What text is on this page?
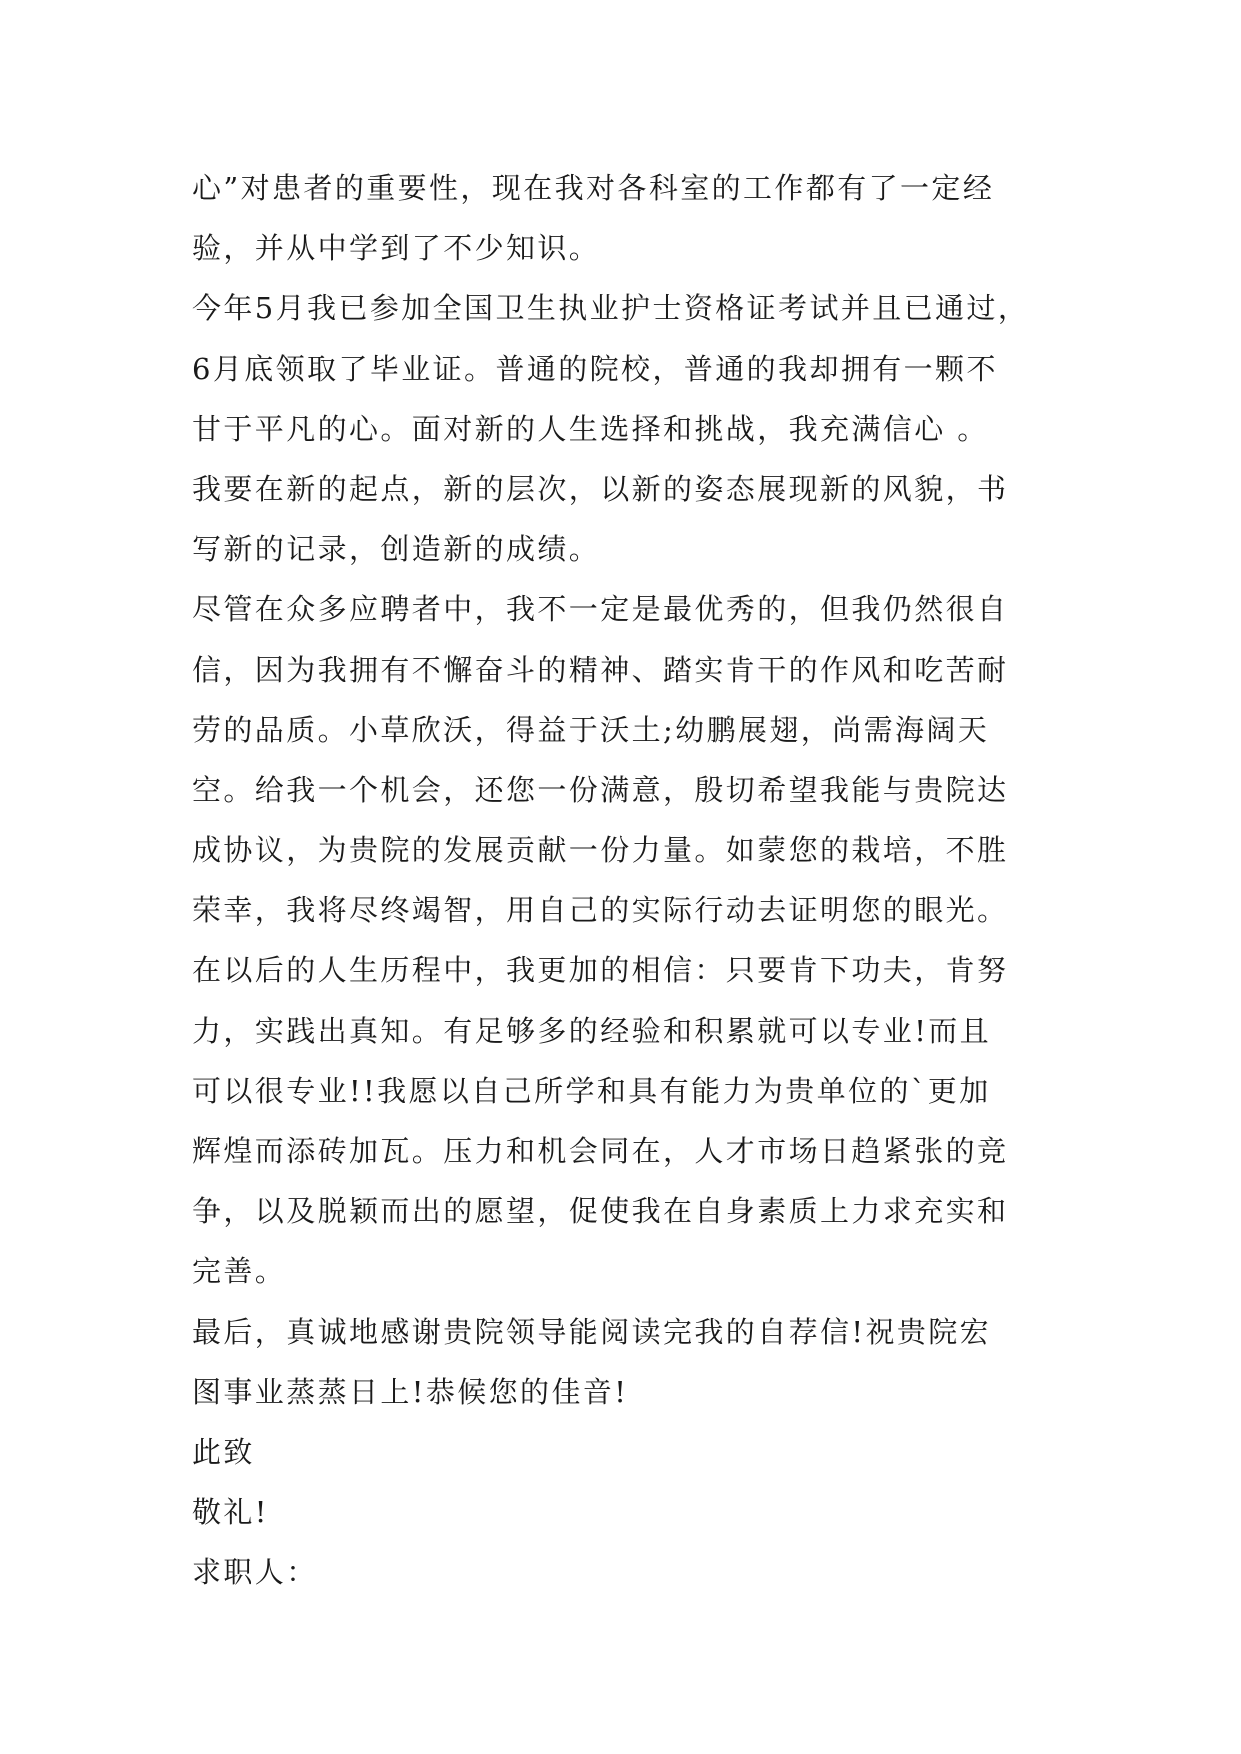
心”对患者的重要性，现在我对各科室的工作都有了一定经
验，并从中学到了不少知识。
今年5月我已参加全国卫生执业护士资格证考试并且已通过，
6月底领取了毕业证。普通的院校，普通的我却拥有一颗不
甘于平凡的心。面对新的人生选择和挑战，我充满信心 。
我要在新的起点，新的层次，以新的姿态展现新的风貌，书
写新的记录，创造新的成绩。
尽管在众多应聘者中，我不一定是最优秀的，但我仍然很自
信，因为我拥有不懈奋斗的精神、踏实肯干的作风和吃苦耐
劳的品质。小草欣沃，得益于沃土;幼鹏展翅，尚需海阔天
空。给我一个机会，还您一份满意，殷切希望我能与贵院达
成协议，为贵院的发展贡献一份力量。如蒙您的栽培，不胜
荣幸，我将尽终竭智，用自己的实际行动去证明您的眼光。
在以后的人生历程中，我更加的相信：只要肯下功夫，肯努
力，实践出真知。有足够多的经验和积累就可以专业!而且
可以很专业!!我愿以自己所学和具有能力为贵单位的`更加
辉煌而添砖加瓦。压力和机会同在，人才市场日趋紧张的竞
争，以及脱颖而出的愿望，促使我在自身素质上力求充实和
完善。
最后，真诚地感谢贵院领导能阅读完我的自荐信!祝贵院宏
图事业蒸蒸日上!恭候您的佳音!
此致
敬礼!
求职人：
